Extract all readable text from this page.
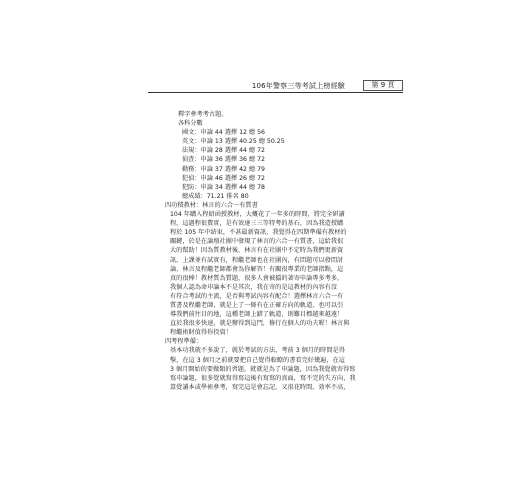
106年警察三等考試上榜經驗	第 9 頁
釋字參考考古題。
各科分數
國文：申論 44 選擇 12 總 56
英文：申論 13 選擇 40.25 總 50.25
法規：申論 28 選擇 44 總 72
偵查：申論 36 選擇 36 總 72
勤務：申論 37 選擇 42 總 79
犯偵：申論 46 選擇 26 總 72
犯防：申論 34 選擇 44 總 78
總成績：71.21 排名 80
四功積教材：林言的六合一有質書
104 年購入程紹函授教材，大概花了一年多的時間，將完全研讀
程，這過程很費實，是有效達三三等特考的基石，因為我造授購
程於 105 年中結束，不甚最新資訊，我覺得在四期準備有教材的
關鍵，於是在論壇社團中發現了林言的六合一有質書，這給我很
大的幫助！因為質教材後，林言有在社團中不定時為我們更新資
訊，上課並有試實有，程繼老師也在社團內，有問題可以發問討
論，林言及程繼老師都會為你解答！有關很專業的老師指點，這
真的很棒！教材質為質題，很多人會被擋的著寄申論專多考多，
我個人認為命申論本不是其次，我在寄的是這教材的內容有沒
有符合考試的主流，是否與考試內容有配合！選擇林言六合一有
質書及程繼老師，就是上了一條有在正確方向的軌道，也可以引
導我們前往目的地，這種老師上錯了軌道，則難目標越來越遠！
直於我很多快速，就是辦得到這門，修行在個人的功夫喔！林言與
程繼術財值得你投資！
四考程準備：
基本功我就不多說了，就於考試的方法，考前 3 個月的時間是得
擊，在這 3 個月之前就要把自己覺得較瞭的書看完好幾遍，在這
3 個月開始的要做類的習題，就就是為了申論題，因為我覺就寄得寫
寫申論題，很多覺就寫得寫這後有寫寫的真面，寫不完的失方向，我
算覺讀本或學術參考，寫完這是會忘記，又很花時間，效率不高，
